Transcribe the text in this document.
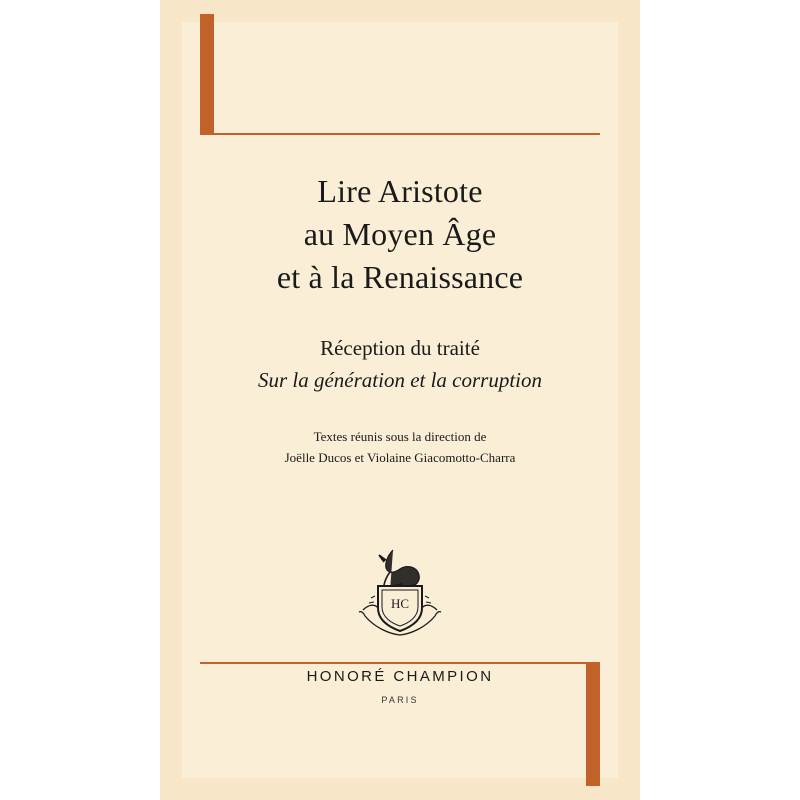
Lire Aristote
au Moyen Âge
et à la Renaissance
Réception du traité
Sur la génération et la corruption
Textes réunis sous la direction de
Joëlle Ducos et Violaine Giacomotto-Charra
HC
HONORÉ CHAMPION
PARIS
